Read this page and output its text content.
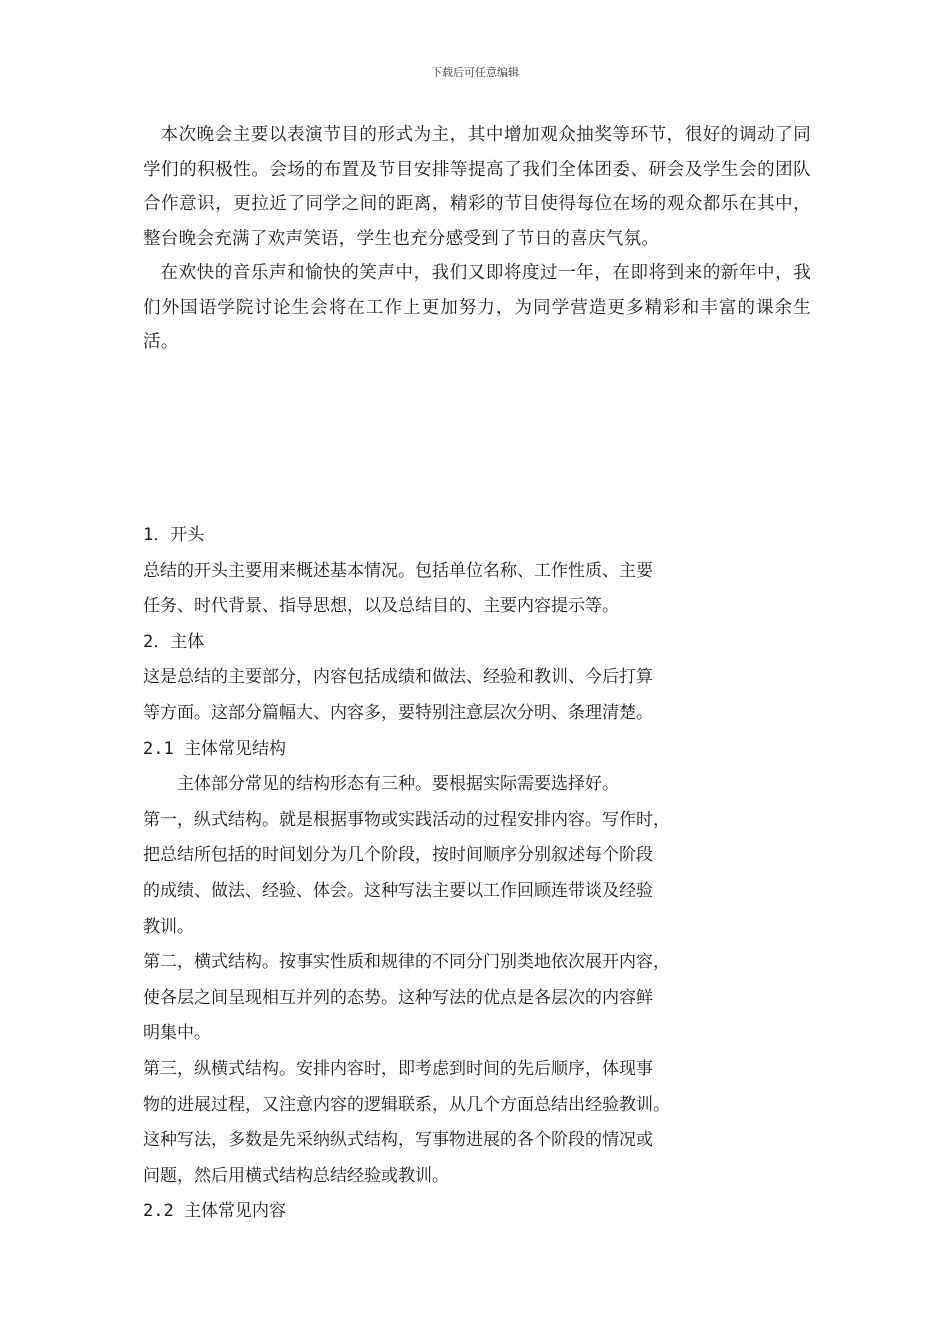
下载后可任意编辑

本次晚会主要以表演节目的形式为主，其中增加观众抽奖等环节，很好的调动了同学们的积极性。会场的布置及节目安排等提高了我们全体团委、研会及学生会的团队合作意识，更拉近了同学之间的距离，精彩的节目使得每位在场的观众都乐在其中，整台晚会充满了欢声笑语，学生也充分感受到了节日的喜庆气氛。

在欢快的音乐声和愉快的笑声中，我们又即将度过一年，在即将到来的新年中，我们外国语学院讨论生会将在工作上更加努力，为同学营造更多精彩和丰富的课余生活。

1．开头
总结的开头主要用来概述基本情况。包括单位名称、工作性质、主要
任务、时代背景、指导思想，以及总结目的、主要内容提示等。
2．主体
这是总结的主要部分，内容包括成绩和做法、经验和教训、今后打算
等方面。这部分篇幅大、内容多，要特别注意层次分明、条理清楚。
2.1 主体常见结构
主体部分常见的结构形态有三种。要根据实际需要选择好。
第一，纵式结构。就是根据事物或实践活动的过程安排内容。写作时，
把总结所包括的时间划分为几个阶段，按时间顺序分别叙述每个阶段
的成绩、做法、经验、体会。这种写法主要以工作回顾连带谈及经验
教训。
第二，横式结构。按事实性质和规律的不同分门别类地依次展开内容，
使各层之间呈现相互并列的态势。这种写法的优点是各层次的内容鲜
明集中。
第三，纵横式结构。安排内容时，即考虑到时间的先后顺序，体现事
物的进展过程，又注意内容的逻辑联系，从几个方面总结出经验教训。
这种写法，多数是先采纳纵式结构，写事物进展的各个阶段的情况或
问题，然后用横式结构总结经验或教训。
2.2 主体常见内容
